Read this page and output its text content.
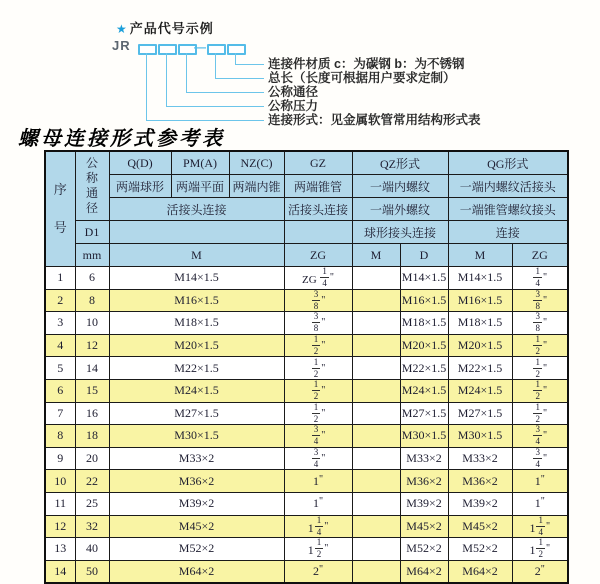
★ 产品代号示例
JR	—
连接件材质 c：为碳钢 b：为不锈钢
总长（长度可根据用户要求定制）
公称通径
公称压力
连接形式：见金属软管常用结构形式表
螺母连接形式参考表
序号	公称通径	Q(D)	PM(A)	NZ(C)	GZ	QZ形式		QG形式	
		两端球形	两端平面	两端内锥	两端锥管	一端内螺纹		一端内螺纹活接头	
		活接头连接			活接头连接	一端外螺纹		一端锥管螺纹接头	
	D1					球形接头连接		连接	
	mm	M			ZG	M	D	M	ZG
1	6	M14×1.5			ZG $\frac{1}{4} ^"$		M14×1.5	M14×1.5	$\frac{1}{4} ^"$
2	8	M16×1.5			$\frac{3}{8} ^"$		M16×1.5	M16×1.5	$\frac{3}{8} ^"$
3	10	M18×1.5			$\frac{3}{8} ^"$		M18×1.5	M18×1.5	$\frac{3}{8} ^"$
4	12	M20×1.5			$\frac{1}{2} ^"$		M20×1.5	M20×1.5	$\frac{1}{2} ^"$
5	14	M22×1.5			$\frac{1}{2} ^"$		M22×1.5	M22×1.5	$\frac{1}{2} ^"$
6	15	M24×1.5			$\frac{1}{2} ^"$		M24×1.5	M24×1.5	$\frac{1}{2} ^"$
7	16	M27×1.5			$\frac{1}{2} ^"$		M27×1.5	M27×1.5	$\frac{1}{2} ^"$
8	18	M30×1.5			$\frac{3}{4} ^"$		M30×1.5	M30×1.5	$\frac{3}{4} ^"$
9	20	M33×2			$\frac{3}{4} ^"$		M33×2	M33×2	$\frac{3}{4} ^"$
10	22	M36×2			1"		M36×2	M36×2	1"
11	25	M39×2			1"		M39×2	M39×2	1"
12	32	M45×2			$1 \frac{1}{4} ^"$		M45×2	M45×2	$1 \frac{1}{4} ^"$
13	40	M52×2			$1 \frac{1}{2} ^"$		M52×2	M52×2	$1 \frac{1}{2} ^"$
14	50	M64×2			2"		M64×2	M64×2	2"
